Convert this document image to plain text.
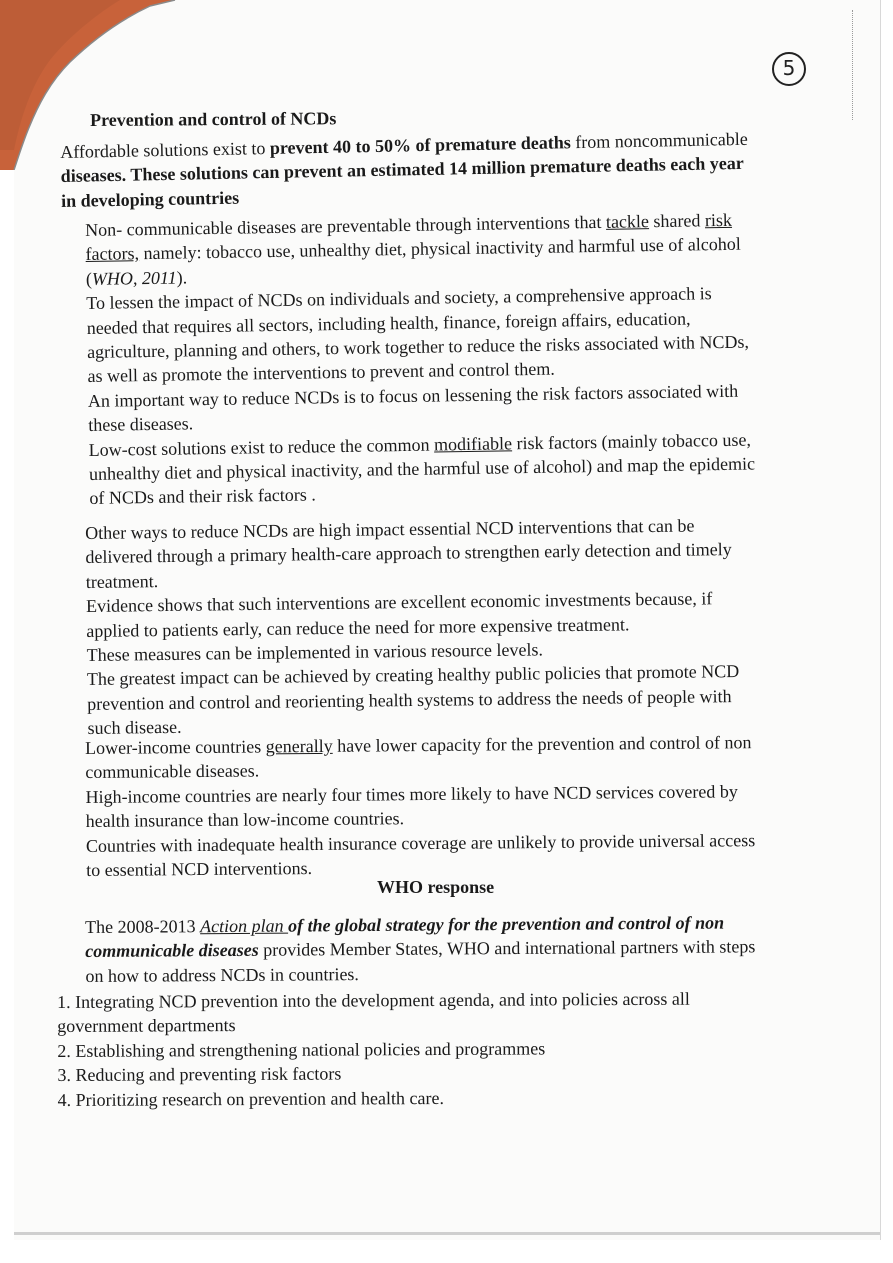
5
Prevention and control of NCDs
Affordable solutions exist to prevent 40 to 50% of premature deaths from noncommunicable
diseases. These solutions can prevent an estimated 14 million premature deaths each year
in developing countries
Non- communicable diseases are preventable through interventions that tackle shared risk
factors, namely: tobacco use, unhealthy diet, physical inactivity and harmful use of alcohol
(WHO, 2011).
To lessen the impact of NCDs on individuals and society, a comprehensive approach is
needed that requires all sectors, including health, finance, foreign affairs, education,
agriculture, planning and others, to work together to reduce the risks associated with NCDs,
as well as promote the interventions to prevent and control them.
An important way to reduce NCDs is to focus on lessening the risk factors associated with
these diseases.
Low-cost solutions exist to reduce the common modifiable risk factors (mainly tobacco use,
unhealthy diet and physical inactivity, and the harmful use of alcohol) and map the epidemic
of NCDs and their risk factors .
Other ways to reduce NCDs are high impact essential NCD interventions that can be
delivered through a primary health-care approach to strengthen early detection and timely
treatment.
Evidence shows that such interventions are excellent economic investments because, if
applied to patients early, can reduce the need for more expensive treatment.
These measures can be implemented in various resource levels.
The greatest impact can be achieved by creating healthy public policies that promote NCD
prevention and control and reorienting health systems to address the needs of people with
such disease.
Lower-income countries generally have lower capacity for the prevention and control of non
communicable diseases.
High-income countries are nearly four times more likely to have NCD services covered by
health insurance than low-income countries.
Countries with inadequate health insurance coverage are unlikely to provide universal access
to essential NCD interventions.
WHO response
The 2008-2013 Action plan of the global strategy for the prevention and control of non
communicable diseases provides Member States, WHO and international partners with steps
on how to address NCDs in countries.
1. Integrating NCD prevention into the development agenda, and into policies across all
government departments
2. Establishing and strengthening national policies and programmes
3. Reducing and preventing risk factors
4. Prioritizing research on prevention and health care.
